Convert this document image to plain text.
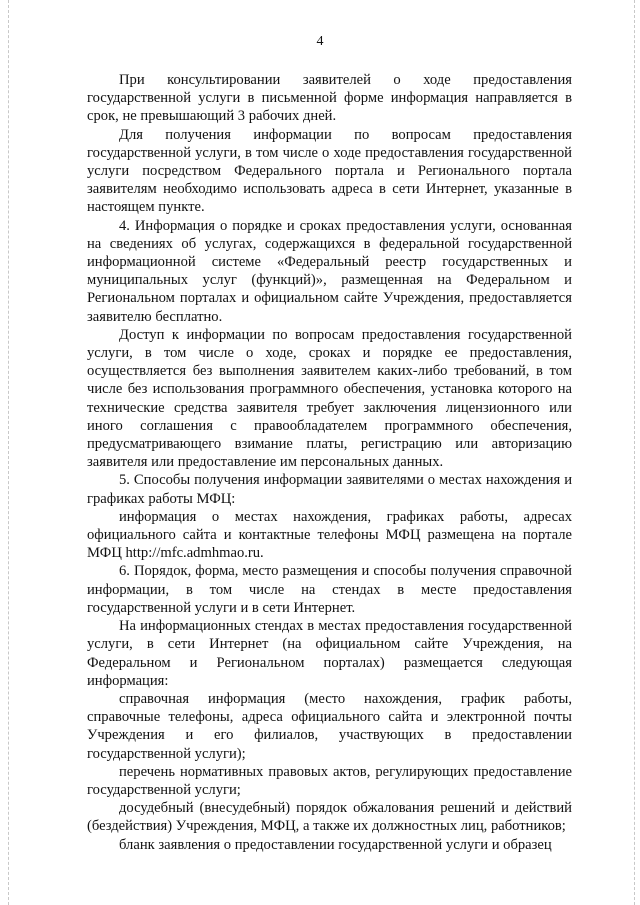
4

При консультировании заявителей о ходе предоставления государственной услуги в письменной форме информация направляется в срок, не превышающий 3 рабочих дней.

Для получения информации по вопросам предоставления государственной услуги, в том числе о ходе предоставления государственной услуги посредством Федерального портала и Регионального портала заявителям необходимо использовать адреса в сети Интернет, указанные в настоящем пункте.

4. Информация о порядке и сроках предоставления услуги, основанная на сведениях об услугах, содержащихся в федеральной государственной информационной системе «Федеральный реестр государственных и муниципальных услуг (функций)», размещенная на Федеральном и Региональном порталах и официальном сайте Учреждения, предоставляется заявителю бесплатно.

Доступ к информации по вопросам предоставления государственной услуги, в том числе о ходе, сроках и порядке ее предоставления, осуществляется без выполнения заявителем каких-либо требований, в том числе без использования программного обеспечения, установка которого на технические средства заявителя требует заключения лицензионного или иного соглашения с правообладателем программного обеспечения, предусматривающего взимание платы, регистрацию или авторизацию заявителя или предоставление им персональных данных.

5. Способы получения информации заявителями о местах нахождения и графиках работы МФЦ:

информация о местах нахождения, графиках работы, адресах официального сайта и контактные телефоны МФЦ размещена на портале МФЦ http://mfc.admhmao.ru.

6. Порядок, форма, место размещения и способы получения справочной информации, в том числе на стендах в месте предоставления государственной услуги и в сети Интернет.

На информационных стендах в местах предоставления государственной услуги, в сети Интернет (на официальном сайте Учреждения, на Федеральном и Региональном порталах) размещается следующая информация:

справочная информация (место нахождения, график работы, справочные телефоны, адреса официального сайта и электронной почты Учреждения и его филиалов, участвующих в предоставлении государственной услуги);

перечень нормативных правовых актов, регулирующих предоставление государственной услуги;

досудебный (внесудебный) порядок обжалования решений и действий (бездействия) Учреждения, МФЦ, а также их должностных лиц, работников;

бланк заявления о предоставлении государственной услуги и образец
